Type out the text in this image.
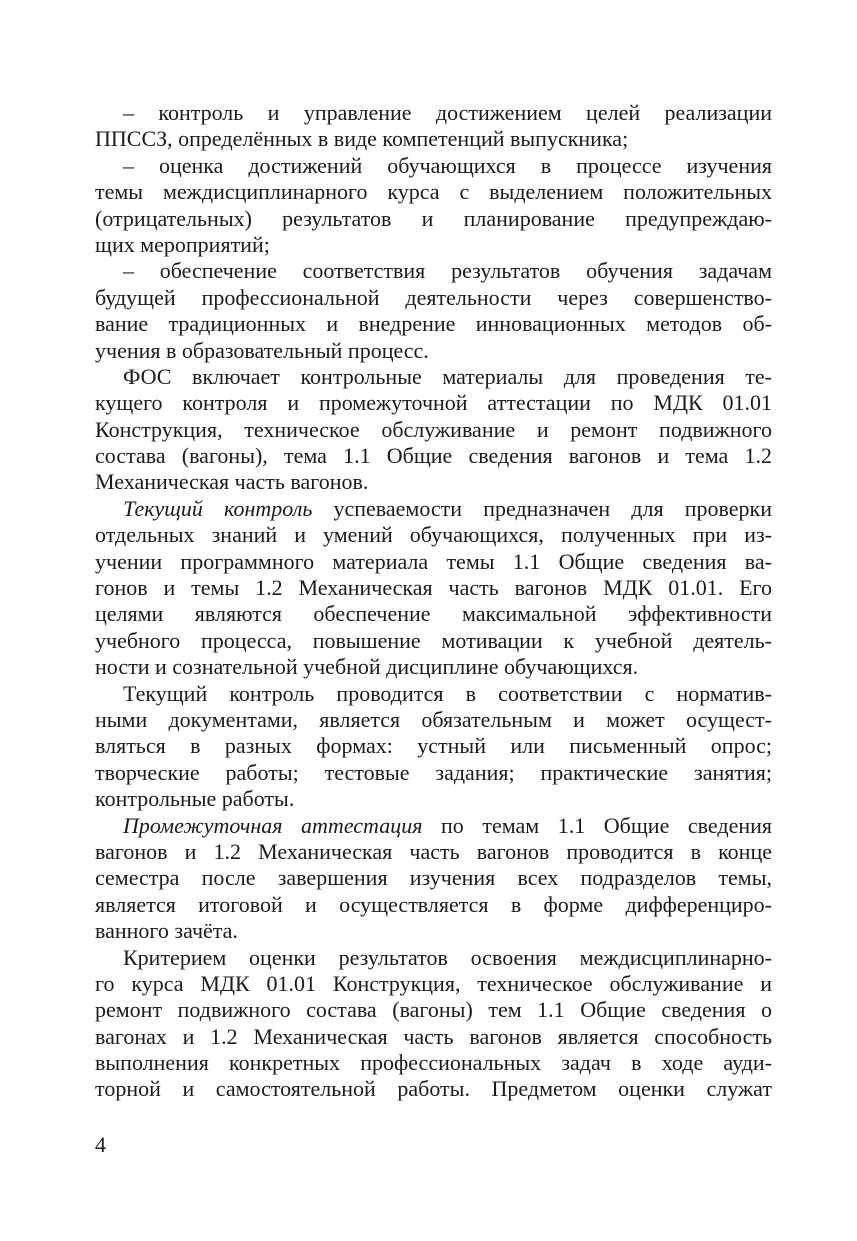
– контроль и управление достижением целей реализации
ППССЗ, определённых в виде компетенций выпускника;
– оценка достижений обучающихся в процессе изучения
темы междисциплинарного курса с выделением положительных
(отрицательных) результатов и планирование предупреждаю-
щих мероприятий;
– обеспечение соответствия результатов обучения задачам
будущей профессиональной деятельности через совершенство-
вание традиционных и внедрение инновационных методов об-
учения в образовательный процесс.
ФОС включает контрольные материалы для проведения те-
кущего контроля и промежуточной аттестации по МДК 01.01
Конструкция, техническое обслуживание и ремонт подвижного
состава (вагоны), тема 1.1 Общие сведения вагонов и тема 1.2
Механическая часть вагонов.
Текущий контроль успеваемости предназначен для проверки
отдельных знаний и умений обучающихся, полученных при из-
учении программного материала темы 1.1 Общие сведения ва-
гонов и темы 1.2 Механическая часть вагонов МДК 01.01. Его
целями являются обеспечение максимальной эффективности
учебного процесса, повышение мотивации к учебной деятель-
ности и сознательной учебной дисциплине обучающихся.
Текущий контроль проводится в соответствии с норматив-
ными документами, является обязательным и может осущест-
вляться в разных формах: устный или письменный опрос;
творческие работы; тестовые задания; практические занятия;
контрольные работы.
Промежуточная аттестация по темам 1.1 Общие сведения
вагонов и 1.2 Механическая часть вагонов проводится в конце
семестра после завершения изучения всех подразделов темы,
является итоговой и осуществляется в форме дифференциро-
ванного зачёта.
Критерием оценки результатов освоения междисциплинарно-
го курса МДК 01.01 Конструкция, техническое обслуживание и
ремонт подвижного состава (вагоны) тем 1.1 Общие сведения о
вагонах и 1.2 Механическая часть вагонов является способность
выполнения конкретных профессиональных задач в ходе ауди-
торной и самостоятельной работы. Предметом оценки служат
4
